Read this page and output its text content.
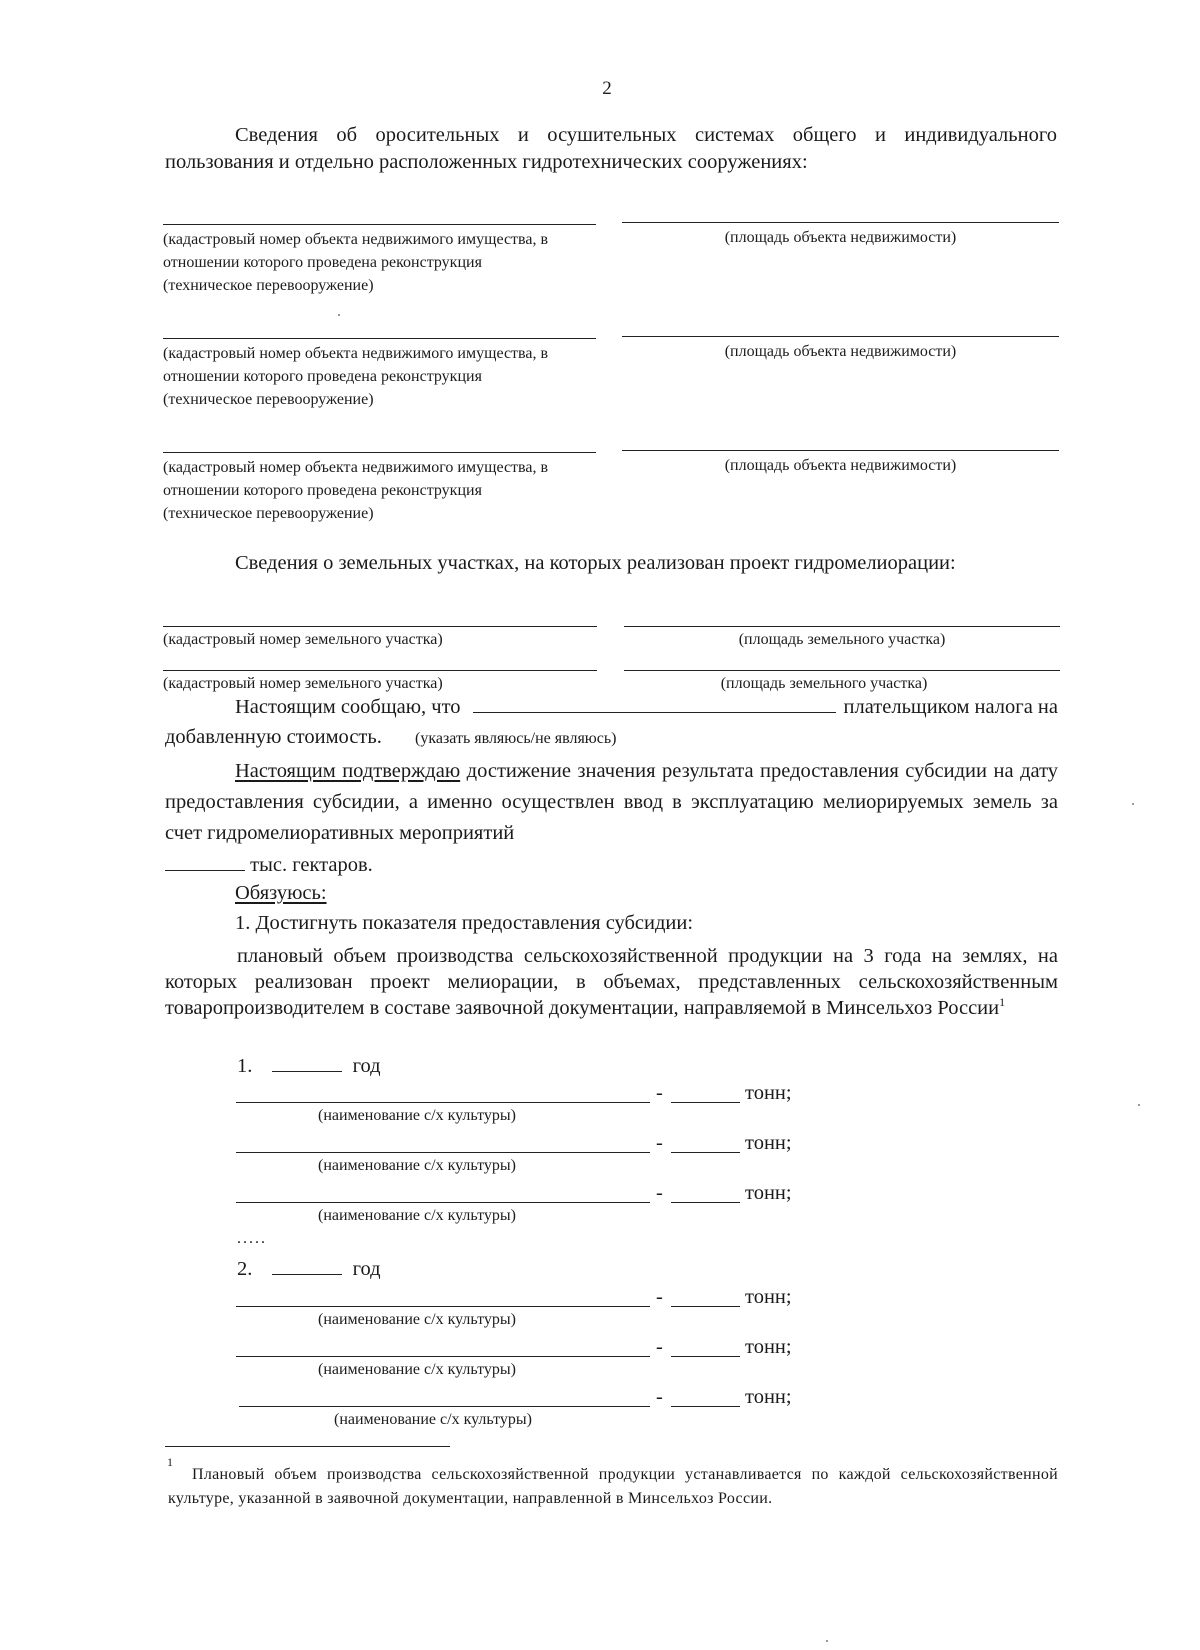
2
Сведения об оросительных и осушительных системах общего и индивидуального пользования и отдельно расположенных гидротехнических сооружениях:
(кадастровый номер объекта недвижимого имущества, в отношении которого проведена реконструкция (техническое перевооружение)
(площадь объекта недвижимости)
(кадастровый номер объекта недвижимого имущества, в отношении которого проведена реконструкция (техническое перевооружение)
(площадь объекта недвижимости)
(кадастровый номер объекта недвижимого имущества, в отношении которого проведена реконструкция (техническое перевооружение)
(площадь объекта недвижимости)
Сведения о земельных участках, на которых реализован проект гидромелиорации:
(кадастровый номер земельного участка)	(площадь земельного участка)
(кадастровый номер земельного участка)	(площадь земельного участка)
Настоящим сообщаю, что	плательщиком налога на
добавленную стоимость. (указать являюсь/не являюсь)
Настоящим подтверждаю достижение значения результата предоставления субсидии на дату предоставления субсидии, а именно осуществлен ввод в эксплуатацию мелиорируемых земель за счет гидромелиоративных мероприятий
тыс. гектаров.
Обязуюсь:
1. Достигнуть показателя предоставления субсидии:
плановый объем производства сельскохозяйственной продукции на 3 года на землях, на которых реализован проект мелиорации, в объемах, представленных сельскохозяйственным товаропроизводителем в составе заявочной документации, направляемой в Минсельхоз России$^1$
1.	год
-	тонн;
(наименование с/х культуры)
-	тонн;
(наименование с/х культуры)
-	тонн;
(наименование с/х культуры)
.....
2.	год
-	тонн;
(наименование с/х культуры)
-	тонн;
(наименование с/х культуры)
-	тонн;
(наименование с/х культуры)
1
Плановый объем производства сельскохозяйственной продукции устанавливается по каждой сельскохозяйственной культуре, указанной в заявочной документации, направленной в Минсельхоз России.
